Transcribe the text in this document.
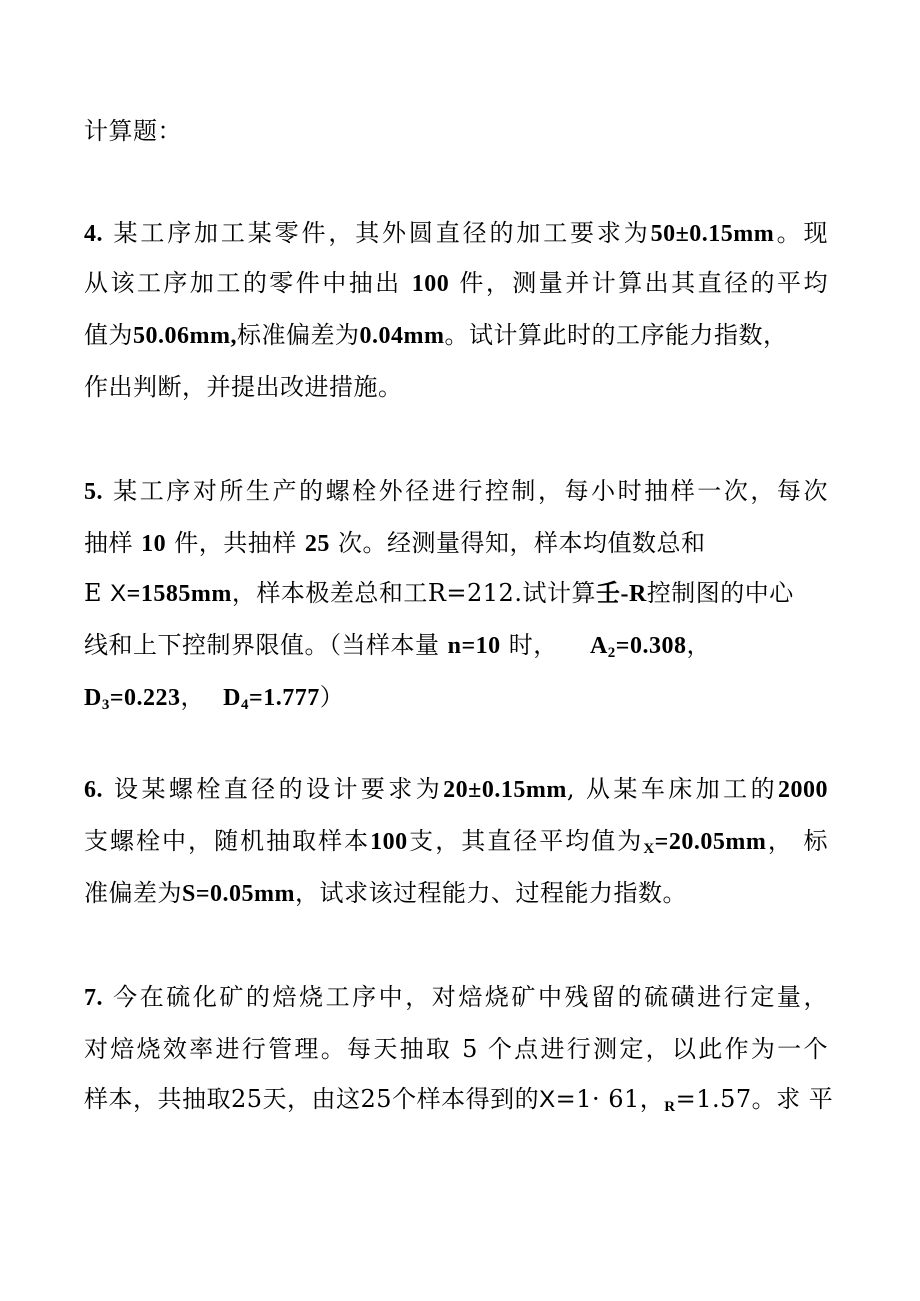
计算题：
4. 某工序加工某零件，其外圆直径的加工要求为50±0.15mm。现
从该工序加工的零件中抽出 100 件，测量并计算出其直径的平均
值为50.06mm,标准偏差为0.04mm。试计算此时的工序能力指数，
作出判断，并提出改进措施。
5. 某工序对所生产的螺栓外径进行控制，每小时抽样一次，每次
抽样 10 件，共抽样 25 次。经测量得知，样本均值数总和
E X=1585mm，样本极差总和工R=212.试计算壬-R控制图的中心
线和上下控制界限值。（当样本量 n=10 时， $A_2=0.308$，
$D_3=0.223$， $D_4=1.777$）
6. 设某螺栓直径的设计要求为20±0.15mm, 从某车床加工的2000
支螺栓中，随机抽取样本100支，其直径平均值为$_X$=20.05mm， 标
准偏差为S=0.05mm，试求该过程能力、过程能力指数。
7. 今在硫化矿的焙烧工序中，对焙烧矿中残留的硫磺进行定量，
对焙烧效率进行管理。每天抽取 5 个点进行测定，以此作为一个
样本，共抽取25天，由这25个样本得到的X=1· 61，$_R$=1.57。求 平
